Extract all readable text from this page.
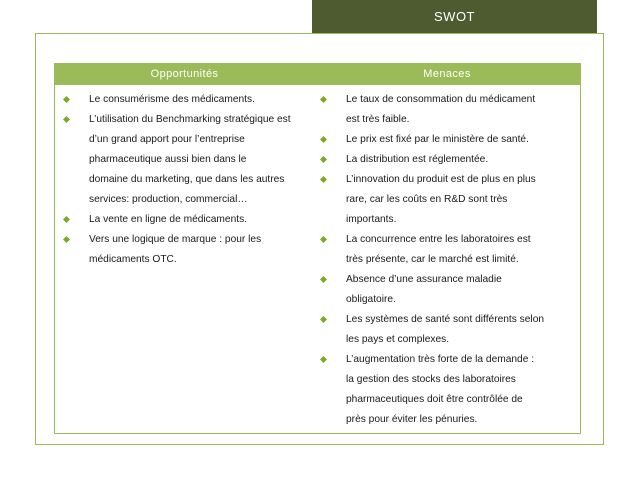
SWOT
Opportunités	Menaces
Le consumérisme des médicaments.
L’utilisation du Benchmarking stratégique est
d’un grand apport pour l’entreprise
pharmaceutique aussi bien dans le
domaine du marketing, que dans les autres
services: production, commercial…
La vente en ligne de médicaments.
Vers une logique de marque : pour les
médicaments OTC.
Le taux de consommation du médicament
est très faible.
Le prix est fixé par le ministère de santé.
La distribution est réglementée.
L’innovation du produit est de plus en plus
rare, car les coûts en R&D sont très
importants.
La concurrence entre les laboratoires est
très présente, car le marché est limité.
Absence d’une assurance maladie
obligatoire.
Les systèmes de santé sont différents selon
les pays et complexes.
L’augmentation très forte de la demande :
la gestion des stocks des laboratoires
pharmaceutiques doit être contrôlée de
près pour éviter les pénuries.
